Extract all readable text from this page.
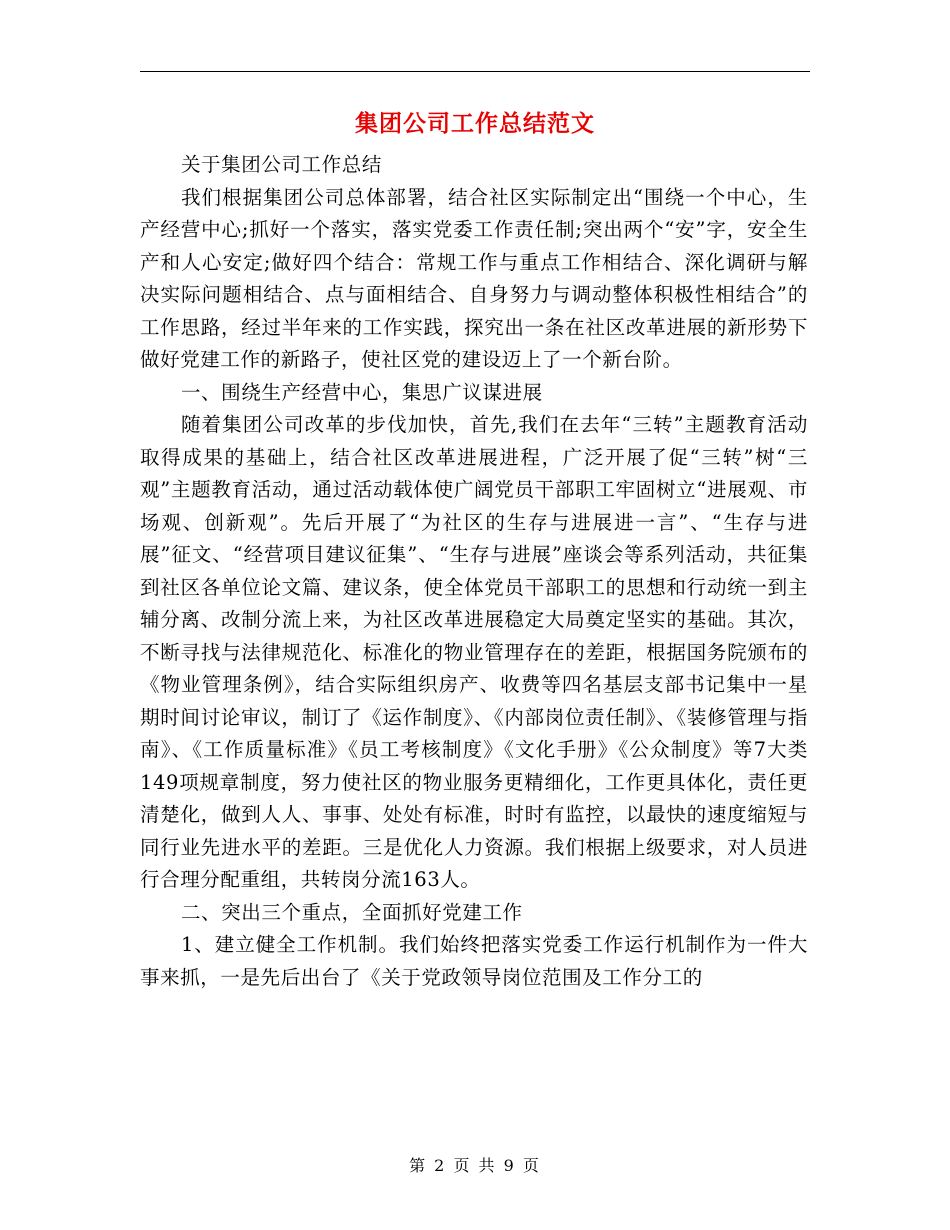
集团公司工作总结范文

关于集团公司工作总结

我们根据集团公司总体部署，结合社区实际制定出“围绕一个中心，生产经营中心;抓好一个落实，落实党委工作责任制;突出两个“安”字，安全生产和人心安定;做好四个结合：常规工作与重点工作相结合、深化调研与解决实际问题相结合、点与面相结合、自身努力与调动整体积极性相结合”的工作思路，经过半年来的工作实践，探究出一条在社区改革进展的新形势下做好党建工作的新路子，使社区党的建设迈上了一个新台阶。

一、围绕生产经营中心，集思广议谋进展

随着集团公司改革的步伐加快，首先,我们在去年“三转”主题教育活动取得成果的基础上，结合社区改革进展进程，广泛开展了促“三转”树“三观”主题教育活动，通过活动载体使广阔党员干部职工牢固树立“进展观、市场观、创新观”。先后开展了“为社区的生存与进展进一言”、“生存与进展”征文、“经营项目建议征集”、“生存与进展”座谈会等系列活动，共征集到社区各单位论文篇、建议条，使全体党员干部职工的思想和行动统一到主辅分离、改制分流上来，为社区改革进展稳定大局奠定坚实的基础。其次，不断寻找与法律规范化、标准化的物业管理存在的差距，根据国务院颁布的《物业管理条例》，结合实际组织房产、收费等四名基层支部书记集中一星期时间讨论审议，制订了《运作制度》、《内部岗位责任制》、《装修管理与指南》、《工作质量标准》《员工考核制度》《文化手册》《公众制度》等7大类149项规章制度，努力使社区的物业服务更精细化，工作更具体化，责任更清楚化，做到人人、事事、处处有标准，时时有监控，以最快的速度缩短与同行业先进水平的差距。三是优化人力资源。我们根据上级要求，对人员进行合理分配重组，共转岗分流163人。

二、突出三个重点，全面抓好党建工作

1、建立健全工作机制。我们始终把落实党委工作运行机制作为一件大事来抓，一是先后出台了《关于党政领导岗位范围及工作分工的

第 2 页 共 9 页
